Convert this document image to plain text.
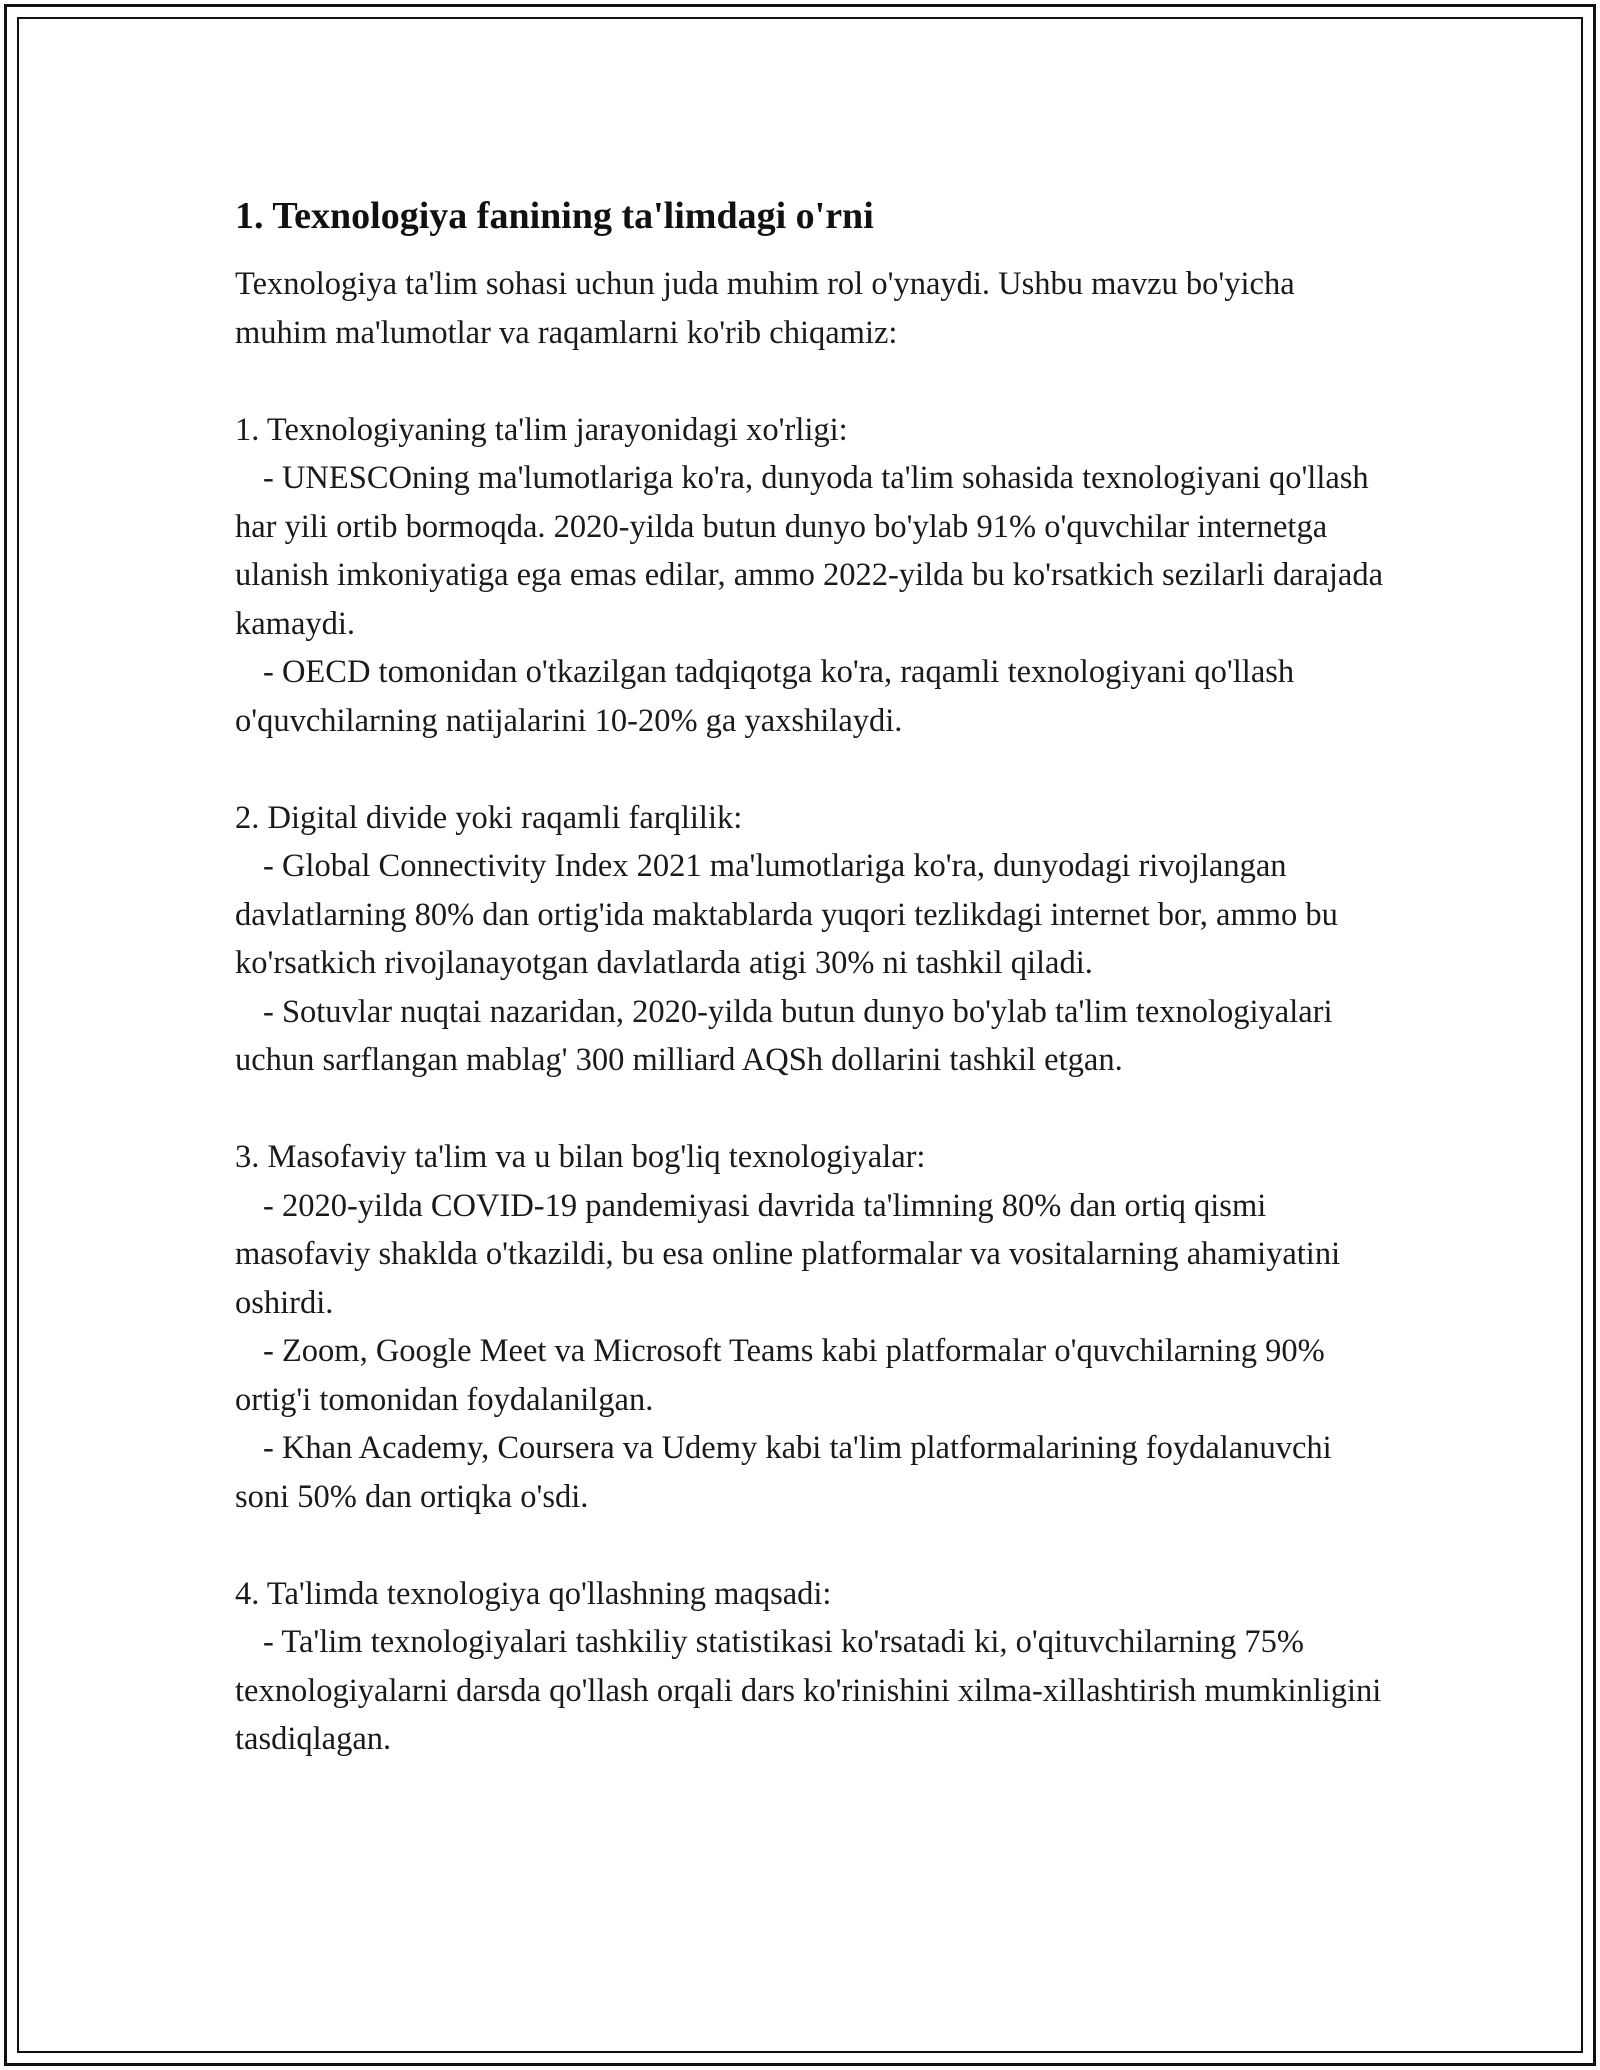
1. Texnologiya fanining ta'limdagi o'rni

Texnologiya ta'lim sohasi uchun juda muhim rol o'ynaydi. Ushbu mavzu bo'yicha muhim ma'lumotlar va raqamlarni ko'rib chiqamiz:

1. Texnologiyaning ta'lim jarayonidagi xo'rligi:

- UNESCOning ma'lumotlariga ko'ra, dunyoda ta'lim sohasida texnologiyani qo'llash har yili ortib bormoqda. 2020-yilda butun dunyo bo'ylab 91% o'quvchilar internetga ulanish imkoniyatiga ega emas edilar, ammo 2022-yilda bu ko'rsatkich sezilarli darajada kamaydi.

- OECD tomonidan o'tkazilgan tadqiqotga ko'ra, raqamli texnologiyani qo'llash o'quvchilarning natijalarini 10-20% ga yaxshilaydi.

2. Digital divide yoki raqamli farqlilik:

- Global Connectivity Index 2021 ma'lumotlariga ko'ra, dunyodagi rivojlangan davlatlarning 80% dan ortig'ida maktablarda yuqori tezlikdagi internet bor, ammo bu ko'rsatkich rivojlanayotgan davlatlarda atigi 30% ni tashkil qiladi.

- Sotuvlar nuqtai nazaridan, 2020-yilda butun dunyo bo'ylab ta'lim texnologiyalari uchun sarflangan mablag' 300 milliard AQSh dollarini tashkil etgan.

3. Masofaviy ta'lim va u bilan bog'liq texnologiyalar:

- 2020-yilda COVID-19 pandemiyasi davrida ta'limning 80% dan ortiq qismi masofaviy shaklda o'tkazildi, bu esa online platformalar va vositalarning ahamiyatini oshirdi.

- Zoom, Google Meet va Microsoft Teams kabi platformalar o'quvchilarning 90% ortig'i tomonidan foydalanilgan.

- Khan Academy, Coursera va Udemy kabi ta'lim platformalarining foydalanuvchi soni 50% dan ortiqka o'sdi.

4. Ta'limda texnologiya qo'llashning maqsadi:

- Ta'lim texnologiyalari tashkiliy statistikasi ko'rsatadi ki, o'qituvchilarning 75% texnologiyalarni darsda qo'llash orqali dars ko'rinishini xilma-xillashtirish mumkinligini tasdiqlagan.
